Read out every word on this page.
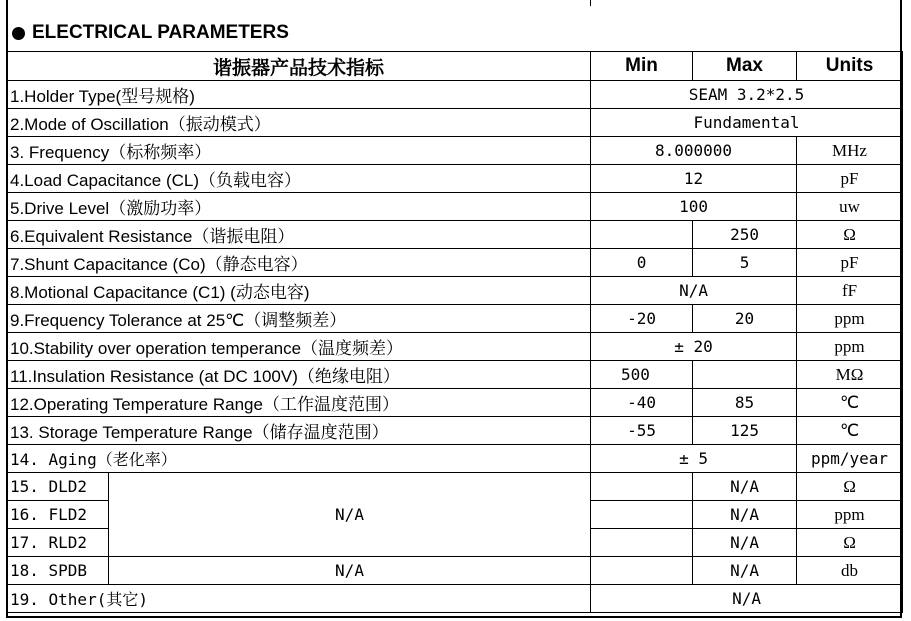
ELECTRICAL PARAMETERS
谐振器产品技术指标		Min	Max	Units
1.Holder Type(型号规格)		SEAM 3.2*2.5		
2.Mode of Oscillation（振动模式）		Fundamental		
3. Frequency（标称频率）		8.000000		MHz
4.Load Capacitance (CL)（负载电容）		12		pF
5.Drive Level（激励功率）		100		uw
6.Equivalent Resistance（谐振电阻）			250	Ω
7.Shunt Capacitance (Co)（静态电容）		0	5	pF
8.Motional Capacitance (C1) (动态电容)		N/A		fF
9.Frequency Tolerance at 25℃（调整频差）		-20	20	ppm
10.Stability over operation temperance（温度频差）		± 20		ppm
11.Insulation Resistance (at DC 100V)（绝缘电阻）		500		MΩ
12.Operating Temperature Range（工作温度范围）		-40	85	℃
13. Storage Temperature Range（储存温度范围）		-55	125	℃
14. Aging（老化率）		± 5		ppm/year
15. DLD2	N/A		N/A	Ω
16. FLD2			N/A	ppm
17. RLD2			N/A	Ω
18. SPDB	N/A		N/A	db
19. Other(其它)		N/A		
